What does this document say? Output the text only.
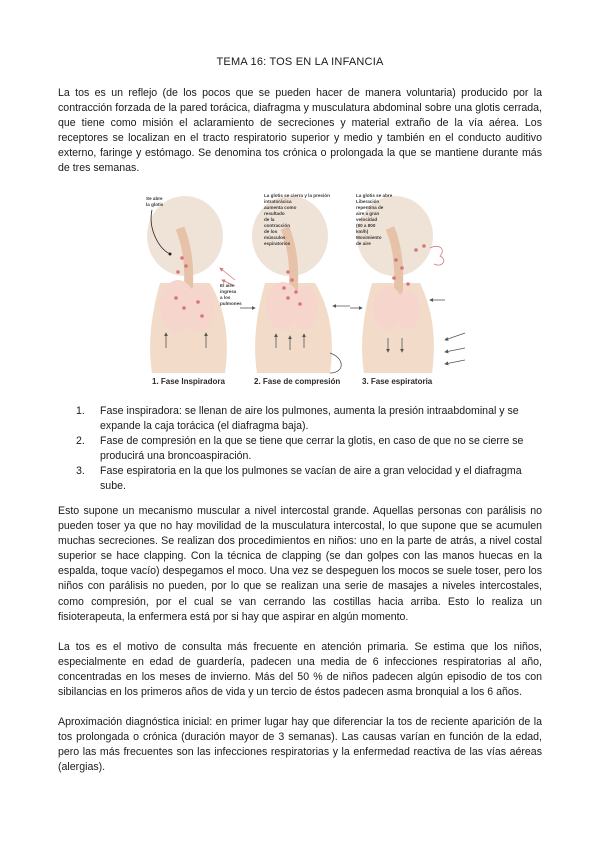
TEMA 16: TOS EN LA INFANCIA

La tos es un reflejo (de los pocos que se pueden hacer de manera voluntaria) producido por la contracción forzada de la pared torácica, diafragma y musculatura abdominal sobre una glotis cerrada, que tiene como misión el aclaramiento de secreciones y material extraño de la vía aérea. Los receptores se localizan en el tracto respiratorio superior y medio y también en el conducto auditivo externo, faringe y estómago. Se denomina tos crónica o prolongada la que se mantiene durante más de tres semanas.

Se abre
la glotis
El aire
ingresa
a los
pulmones
1. Fase Inspiradora
La glotis se cierra y la presión
intratorácica
aumenta como
resultado
de la
contracción
de los
músculos
espiratorios
2. Fase de compresión
La glotis se abre
Liberación
repentina de
aire a gran
velocidad
(80 a 800
km/h)
Movimiento
de aire
3. Fase espiratoria
1. Fase inspiradora: se llenan de aire los pulmones, aumenta la presión intraabdominal y se expande la caja torácica (el diafragma baja).
2. Fase de compresión en la que se tiene que cerrar la glotis, en caso de que no se cierre se producirá una broncoaspiración.
3. Fase espiratoria en la que los pulmones se vacían de aire a gran velocidad y el diafragma sube.

Esto supone un mecanismo muscular a nivel intercostal grande. Aquellas personas con parálisis no pueden toser ya que no hay movilidad de la musculatura intercostal, lo que supone que se acumulen muchas secreciones. Se realizan dos procedimientos en niños: uno en la parte de atrás, a nivel costal superior se hace clapping. Con la técnica de clapping (se dan golpes con las manos huecas en la espalda, toque vacío) despegamos el moco. Una vez se despeguen los mocos se suele toser, pero los niños con parálisis no pueden, por lo que se realizan una serie de masajes a niveles intercostales, como compresión, por el cual se van cerrando las costillas hacia arriba. Esto lo realiza un fisioterapeuta, la enfermera está por si hay que aspirar en algún momento.

La tos es el motivo de consulta más frecuente en atención primaria. Se estima que los niños, especialmente en edad de guardería, padecen una media de 6 infecciones respiratorias al año, concentradas en los meses de invierno. Más del 50 % de niños padecen algún episodio de tos con sibilancias en los primeros años de vida y un tercio de éstos padecen asma bronquial a los 6 años.

Aproximación diagnóstica inicial: en primer lugar hay que diferenciar la tos de reciente aparición de la tos prolongada o crónica (duración mayor de 3 semanas). Las causas varían en función de la edad, pero las más frecuentes son las infecciones respiratorias y la enfermedad reactiva de las vías aéreas (alergias).
